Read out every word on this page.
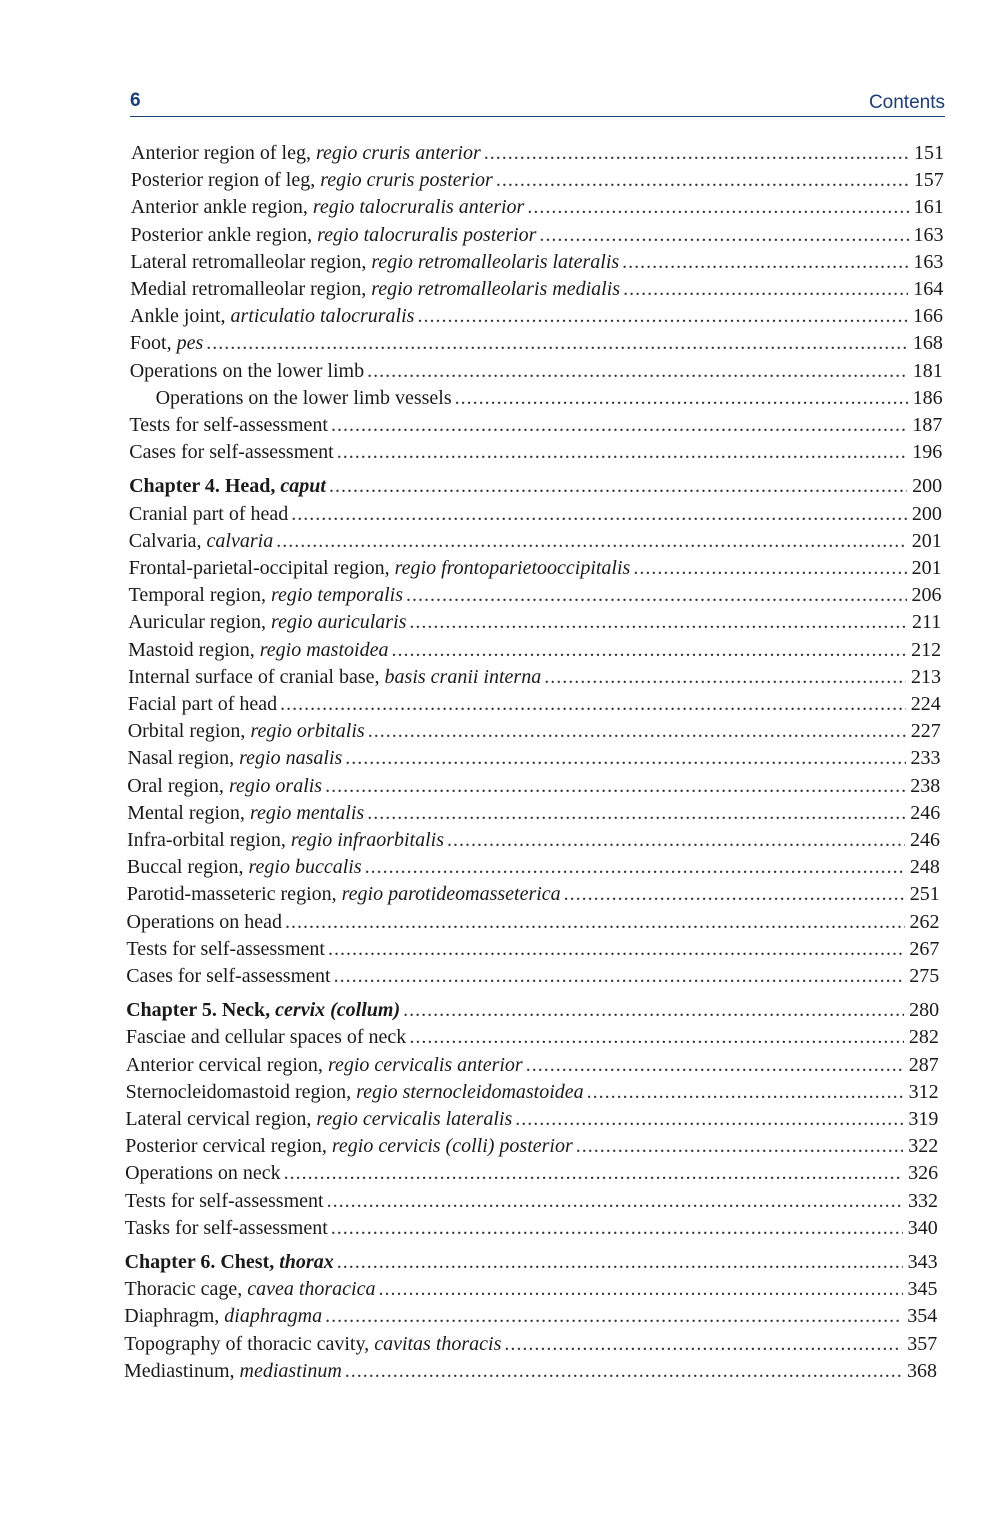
6	Contents
Anterior region of leg, regio cruris anterior .....	151
Posterior region of leg, regio cruris posterior .....	157
Anterior ankle region, regio talocruralis anterior .....	161
Posterior ankle region, regio talocruralis posterior .....	163
Lateral retromalleolar region, regio retromalleolaris lateralis .....	163
Medial retromalleolar region, regio retromalleolaris medialis .....	164
Ankle joint, articulatio talocruralis .....	166
Foot, pes .....	168
Operations on the lower limb .....	181
Operations on the lower limb vessels .....	186
Tests for self-assessment .....	187
Cases for self-assessment .....	196
Chapter 4. Head, caput .....	200
Cranial part of head .....	200
Calvaria, calvaria .....	201
Frontal-parietal-occipital region, regio frontoparietooccipitalis .....	201
Temporal region, regio temporalis .....	206
Auricular region, regio auricularis .....	211
Mastoid region, regio mastoidea .....	212
Internal surface of cranial base, basis cranii interna .....	213
Facial part of head .....	224
Orbital region, regio orbitalis .....	227
Nasal region, regio nasalis .....	233
Oral region, regio oralis .....	238
Mental region, regio mentalis .....	246
Infra-orbital region, regio infraorbitalis .....	246
Buccal region, regio buccalis .....	248
Parotid-masseteric region, regio parotideomasseterica .....	251
Operations on head .....	262
Tests for self-assessment .....	267
Cases for self-assessment .....	275
Chapter 5. Neck, cervix (collum) .....	280
Fasciae and cellular spaces of neck .....	282
Anterior cervical region, regio cervicalis anterior .....	287
Sternocleidomastoid region, regio sternocleidomastoidea .....	312
Lateral cervical region, regio cervicalis lateralis .....	319
Posterior cervical region, regio cervicis (colli) posterior .....	322
Operations on neck .....	326
Tests for self-assessment .....	332
Tasks for self-assessment .....	340
Chapter 6. Chest, thorax .....	343
Thoracic cage, cavea thoracica .....	345
Diaphragm, diaphragma .....	354
Topography of thoracic cavity, cavitas thoracis .....	357
Mediastinum, mediastinum .....	368
